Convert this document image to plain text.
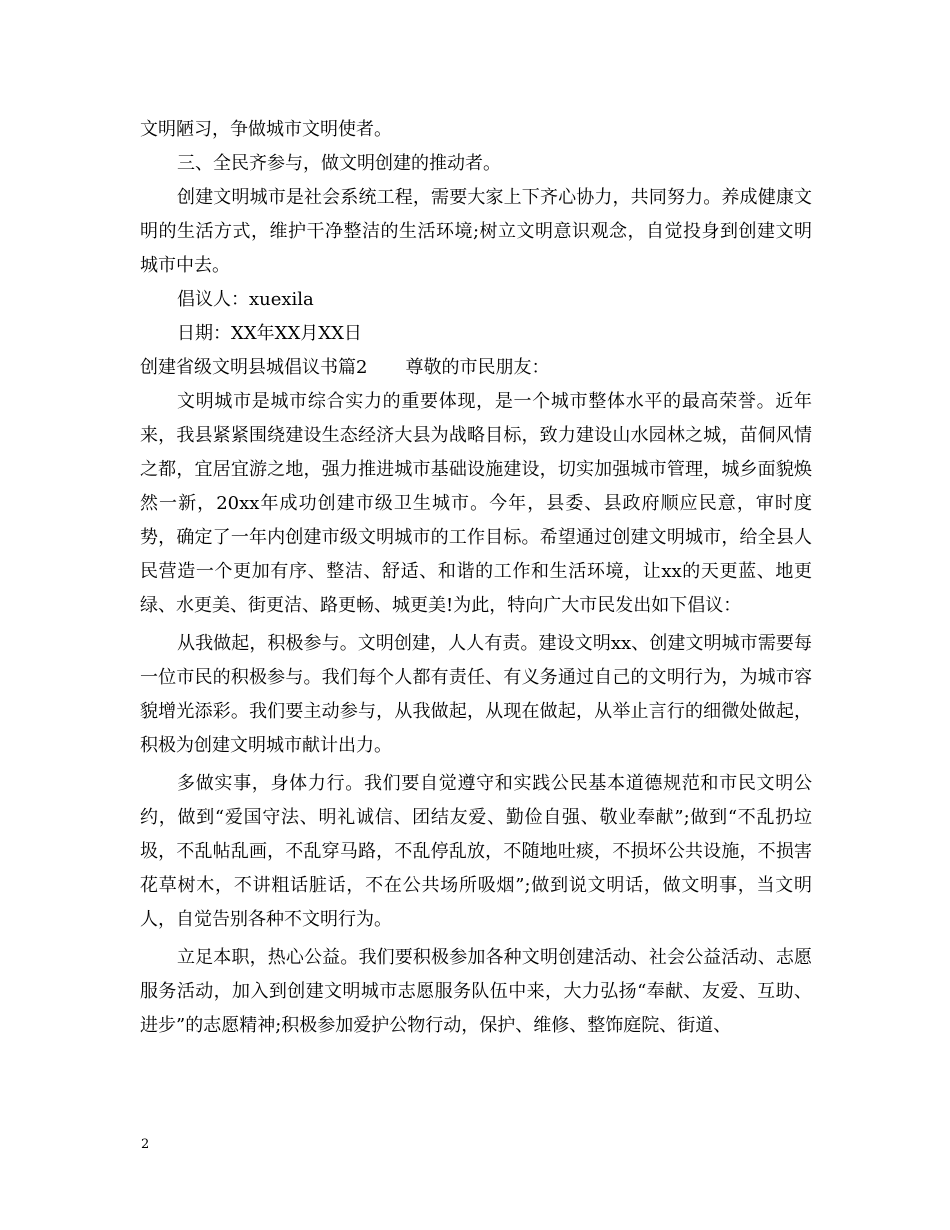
文明陋习，争做城市文明使者。

三、全民齐参与，做文明创建的推动者。

创建文明城市是社会系统工程，需要大家上下齐心协力，共同努力。养成健康文明的生活方式，维护干净整洁的生活环境;树立文明意识观念，自觉投身到创建文明城市中去。

倡议人：xuexila

日期：XX年XX月XX日

创建省级文明县城倡议书篇2 尊敬的市民朋友：

文明城市是城市综合实力的重要体现，是一个城市整体水平的最高荣誉。近年来，我县紧紧围绕建设生态经济大县为战略目标，致力建设山水园林之城，苗侗风情之都，宜居宜游之地，强力推进城市基础设施建设，切实加强城市管理，城乡面貌焕然一新，20xx年成功创建市级卫生城市。今年，县委、县政府顺应民意，审时度势，确定了一年内创建市级文明城市的工作目标。希望通过创建文明城市，给全县人民营造一个更加有序、整洁、舒适、和谐的工作和生活环境，让xx的天更蓝、地更绿、水更美、街更洁、路更畅、城更美!为此，特向广大市民发出如下倡议：

从我做起，积极参与。文明创建，人人有责。建设文明xx、创建文明城市需要每一位市民的积极参与。我们每个人都有责任、有义务通过自己的文明行为，为城市容貌增光添彩。我们要主动参与，从我做起，从现在做起，从举止言行的细微处做起，积极为创建文明城市献计出力。

多做实事，身体力行。我们要自觉遵守和实践公民基本道德规范和市民文明公约，做到“爱国守法、明礼诚信、团结友爱、勤俭自强、敬业奉献”;做到“不乱扔垃圾，不乱帖乱画，不乱穿马路，不乱停乱放，不随地吐痰，不损坏公共设施，不损害花草树木，不讲粗话脏话，不在公共场所吸烟”;做到说文明话，做文明事，当文明人，自觉告别各种不文明行为。

立足本职，热心公益。我们要积极参加各种文明创建活动、社会公益活动、志愿服务活动，加入到创建文明城市志愿服务队伍中来，大力弘扬“奉献、友爱、互助、进步”的志愿精神;积极参加爱护公物行动，保护、维修、整饰庭院、街道、

2
